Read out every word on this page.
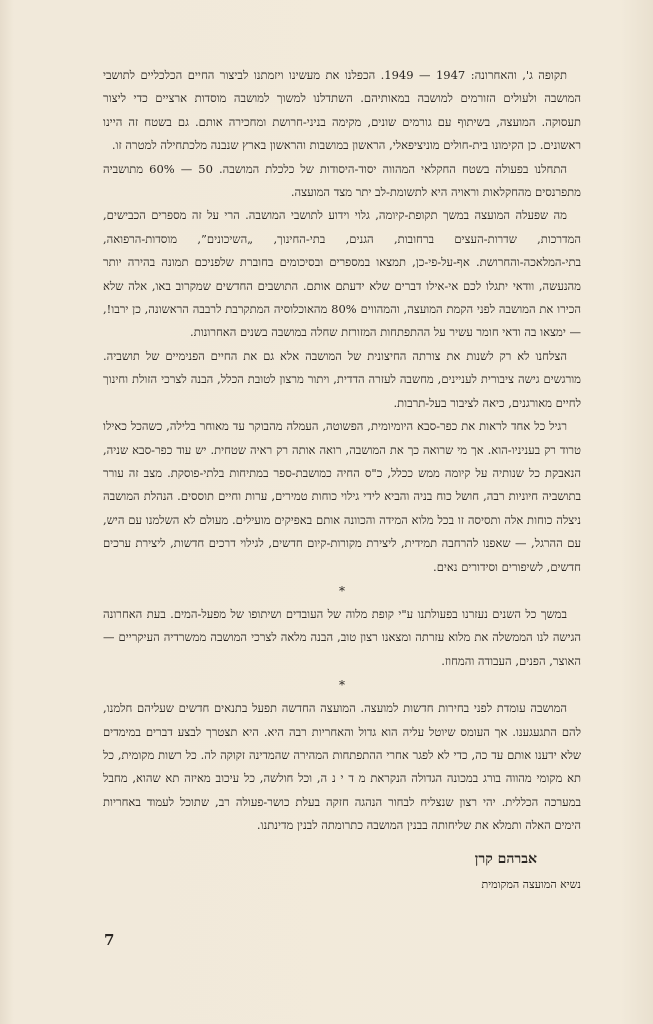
תקופה ג', והאחרונה: 1947 — 1949. הכפלנו את מעשינו ויזמתנו לביצור החיים הכלכליים לתושבי המושבה ולעולים הזורמים למושבה במאותיהם. השתדלנו למשוך למושבה מוסדות ארציים כדי ליצור תעסוקה. המועצה, בשיתוף עם גורמים שונים, מקימה בניני-חרושת ומחכירה אותם. גם בשטח זה היינו ראשונים. כן הקימונו בית-חולים מוניציפאלי, הראשון במושבות והראשון בארץ שנבנה מלכתחילה למטרה זו.

התחלנו בפעולה בשטח החקלאי המהווה יסוד-היסודות של כלכלת המושבה. 50 — 60% מתושביה מתפרנסים מהחקלאות וראויה היא לתשומת-לב יתר מצד המועצה.

מה שפעלה המועצה במשך תקופת-קיומה, גלוי וידוע לתושבי המושבה. הרי על זה מספרים הכבישים, המדרכות, שדרות-העצים ברחובות, הגנים, בתי-החינוך, „השיכונים”, מוסדות-הרפואה, בתי-המלאכה-והחרושת. אף-על-פי-כן, תמצאו במספרים ובסיכומים בחוברת שלפניכם תמונה בהירה יותר מהנעשה, וודאי יתגלו לכם אי-אילו דברים שלא ידעתם אותם. התושבים החדשים שמקרוב באו, אלה שלא הכירו את המושבה לפני הקמת המועצה, והמהווים 80% מהאוכלוסיה המתקרבת לרבבה הראשונה, כן ירבו!, — ימצאו בה ודאי חומר עשיר על ההתפתחות המזורזת שחלה במושבה בשנים האחרונות.

הצלחנו לא רק לשנות את צורתה החיצונית של המושבה אלא גם את החיים הפנימיים של תושביה. מורגשים גישה ציבורית לעניינים, מחשבה לעזרה הדדית, ויתור מרצון לטובת הכלל, הבנה לצרכי הזולת וחינוך לחיים מאורגנים, כיאה לציבור בעל-תרבות.

רגיל כל אחד לראות את כפר-סבא היומיומית, הפשוטה, העמלה מהבוקר עד מאוחר בלילה, כשהכל כאילו טרוד רק בעניניו-הוא. אך מי שרואה כך את המושבה, רואה אותה רק ראיה שטחית. יש עוד כפר-סבא שניה, הנאבקת כל שנותיה על קיומה ממש ככלל, כ"ס החיה כמושבת-ספר במתיחות בלתי-פוסקת. מצב זה עורר בתושביה חיוניות רבה, חושל כוח בניה והביא לידי גילוי כוחות טמירים, ערות וחיים תוססים. הנהלת המושבה ניצלה כוחות אלה ותסיסה זו בכל מלוא המידה והכוונה אותם באפיקים מועילים. מעולם לא השלמנו עם היש, עם ההרגל, — שאפנו להרחבה תמידית, ליצירת מקורות-קיום חדשים, לגילוי דרכים חדשות, ליצירת ערכים חדשים, לשיפורים וסידורים נאים.

*

במשך כל השנים נעזרנו בפעולתנו ע"י קופת מלוה של העובדים ושיתופו של מפעל-המים. בעת האחרונה הגישה לנו הממשלה את מלוא עזרתה ומצאנו רצון טוב, הבנה מלאה לצרכי המושבה ממשרדיה העיקריים — האוצר, הפנים, העבודה והמחוז.

*

המושבה עומדת לפני בחירות חדשות למועצה. המועצה החדשה תפעל בתנאים חדשים שעליהם חלמנו, להם התגעגענו. אך העומס שיוטל עליה הוא גדול והאחריות רבה היא. היא תצטרך לבצע דברים במימדים שלא ידענו אותם עד כה, כדי לא לפגר אחרי ההתפתחות המהירה שהמדינה זקוקה לה. כל רשות מקומית, כל תא מקומי מהווה בורג במכונה הגדולה הנקראת מ ד י נ ה, וכל חולשה, כל עיכוב מאיזה תא שהוא, מחבל במערכה הכללית. יהי רצון שנצליח לבחור הנהגה חזקה בעלת כושר-פעולה רב, שתוכל לעמוד באחריות הימים האלה ותמלא את שליחותה בבנין המושבה כתרומתה לבנין מדינתנו.

אברהם קרן
נשיא המועצה המקומית
7
